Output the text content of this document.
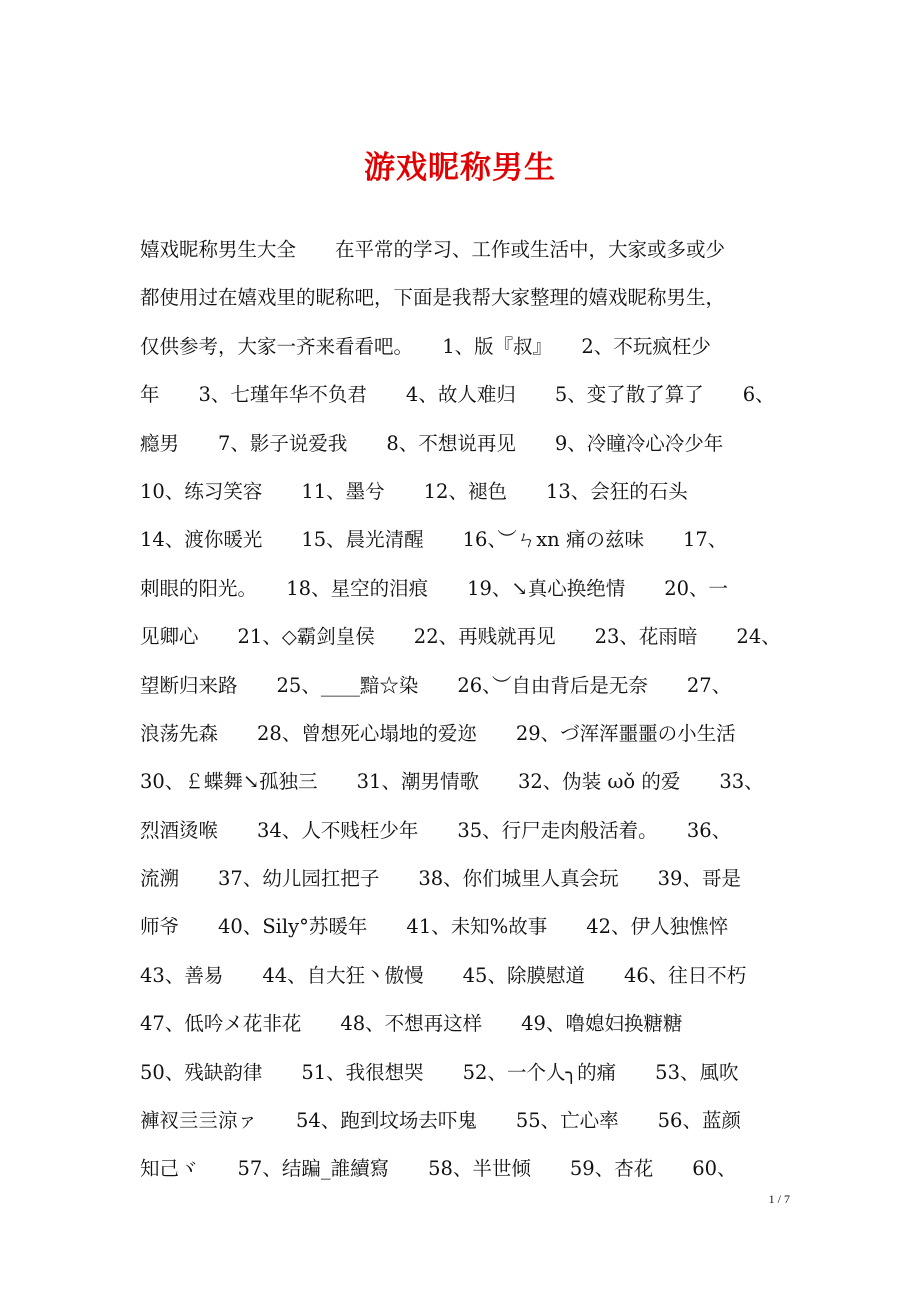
游戏昵称男生
嬉戏昵称男生大全　　在平常的学习、工作或生活中，大家或多或少
都使用过在嬉戏里的昵称吧，下面是我帮大家整理的嬉戏昵称男生，
仅供参考，大家一齐来看看吧。　　1、版『叔』　　2、不玩疯枉少
年　　3、七瑾年华不负君　　4、故人难归　　5、变了散了算了　　6、
瘾男　　7、影子说爱我　　8、不想说再见　　9、冷瞳冷心冷少年
10、练习笑容　　11、墨兮　　12、褪色　　13、会狂的石头
14、渡你暖光　　15、晨光清醒　　16、︶ㄣxn 痛の兹味　　17、
刺眼的阳光。　　18、星空的泪痕　　19、↘真心换绝情　　20、一
见卿心　　21、◇霸剑皇侯　　22、再贱就再见　　23、花雨暗　　24、
望断归来路　　25、____黯☆染　　26、︶自由背后是无奈　　27、
浪荡先森　　28、曾想死心塌地的爱迩　　29、づ浑浑噩噩の小生活
30、￡蝶舞↘孤独三　　31、潮男情歌　　32、伪装 ωǒ 的爱　　33、
烈酒烫喉　　34、人不贱枉少年　　35、行尸走肉般活着。　　36、
流溯　　37、幼儿园扛把子　　38、你们城里人真会玩　　39、哥是
师爷　　40、Sily°苏暖年　　41、未知%故事　　42、伊人独憔悴
43、善易　　44、自大狂丶傲慢　　45、除膜慰道　　46、往日不朽
47、低吟メ花非花　　48、不想再这样　　49、噜媳妇换糖糖
50、残缺韵律　　51、我很想哭　　52、一个人╮的痛　　53、風吹
褲衩亖亖涼ァ　　54、跑到坟场去吓鬼　　55、亡心率　　56、蓝颜
知己ヾ　　57、结蹁_誰續寫　　58、半世倾　　59、杏花　　60、
1 / 7
